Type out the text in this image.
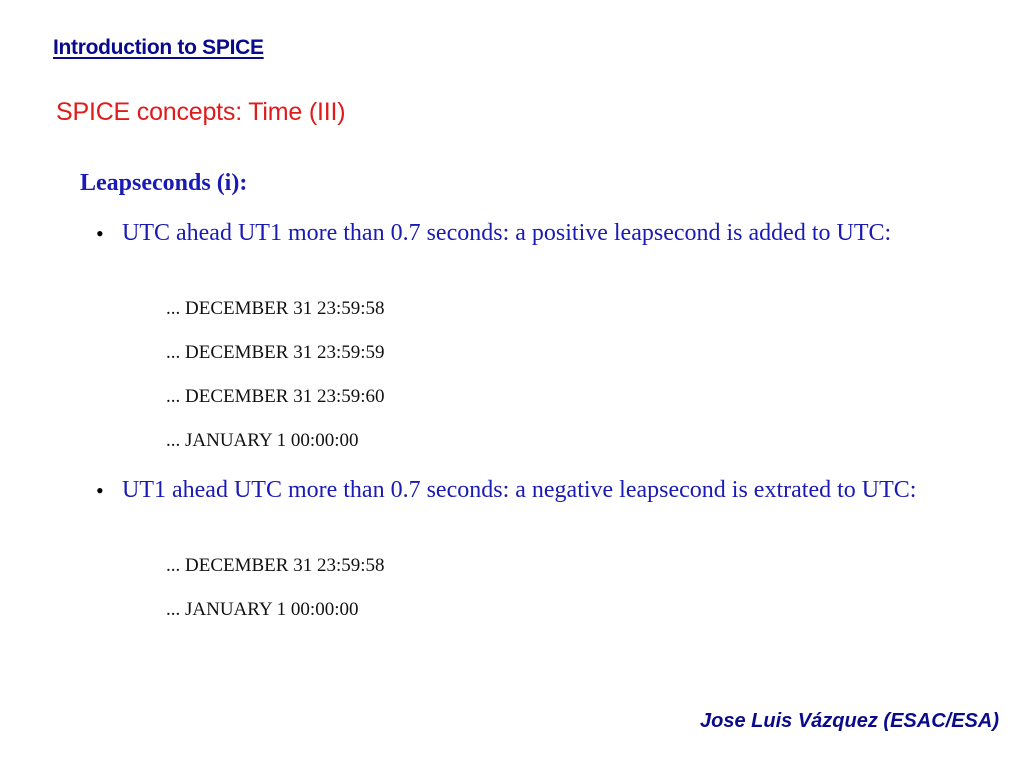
Introduction to SPICE
SPICE concepts: Time (III)
Leapseconds (i):
• UTC ahead UT1 more than 0.7 seconds: a positive leapsecond is added to UTC:
... DECEMBER 31 23:59:58
... DECEMBER 31 23:59:59
... DECEMBER 31 23:59:60
... JANUARY 1 00:00:00
• UT1 ahead UTC more than 0.7 seconds: a negative leapsecond is extrated to UTC:
... DECEMBER 31 23:59:58
... JANUARY 1 00:00:00
Jose Luis Vázquez (ESAC/ESA)
